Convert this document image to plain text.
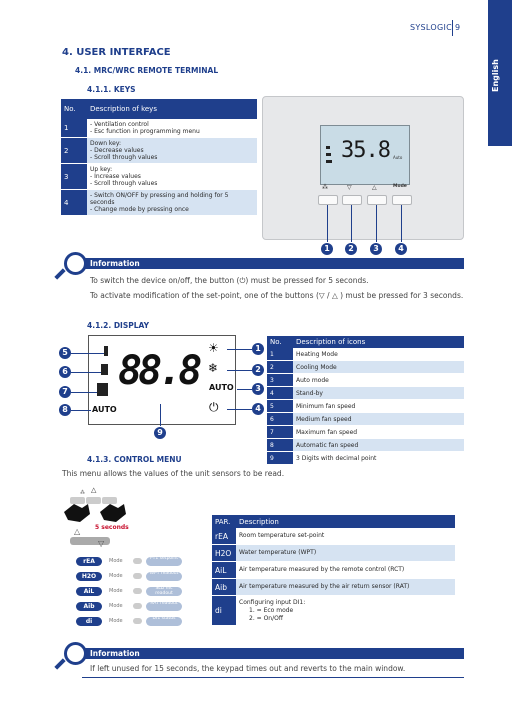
SYSLOGIC 9
English
4. USER INTERFACE
4.1. MRC/WRC REMOTE TERMINAL
4.1.1. KEYS
No.	Description of keys
1	- Ventilation control
- Esc function in programming menu

2	Down key:
- Decrease values
- Scroll through values

3	Up key:
- Increase values
- Scroll through values

4	- Switch ON/OFF by pressing and holding for 5 seconds
- Change mode by pressing once
35.8 Auto
⁂	▽	△	Mode
1	2	3	4
Information
To switch the device on/off, the button (⏻) must be pressed for 5 seconds.
To activate modification of the set-point, one of the buttons (▽ / △ ) must be pressed for 3 seconds.
4.1.2. DISPLAY
88.8 ☀
❄
AUTO
⏻
AUTO
1
2
3
4
5
6
7
8
9
No.	Description of icons
1	Heating Mode
2	Cooling Mode
3	Auto mode
4	Stand-by
5	Minimum fan speed
6	Medium fan speed
7	Maximum fan speed
8	Automatic fan speed
9	3 Digits with decimal point
4.1.3. CONTROL MENU
This menu allows the values of the unit sensors to be read.
△
▽
△
⁂
5 seconds
rEA	Mode	PT1 setpoint
H2O	Mode	WPT readout
AiL	Mode	SLD mc readout
Aib	Mode	RAT readout
di	Mode	DI1 status
PAR.	Description
rEA	Room temperature set-point

H2O	Water temperature (WPT)

AiL	Air temperature measured by the remote control (RCT)

Aib	Air temperature measured by the air return sensor (RAT)

di	Configuring input DI1:
1. = Eco mode
2. = On/Off
Information
If left unused for 15 seconds, the keypad times out and reverts to the main window.
